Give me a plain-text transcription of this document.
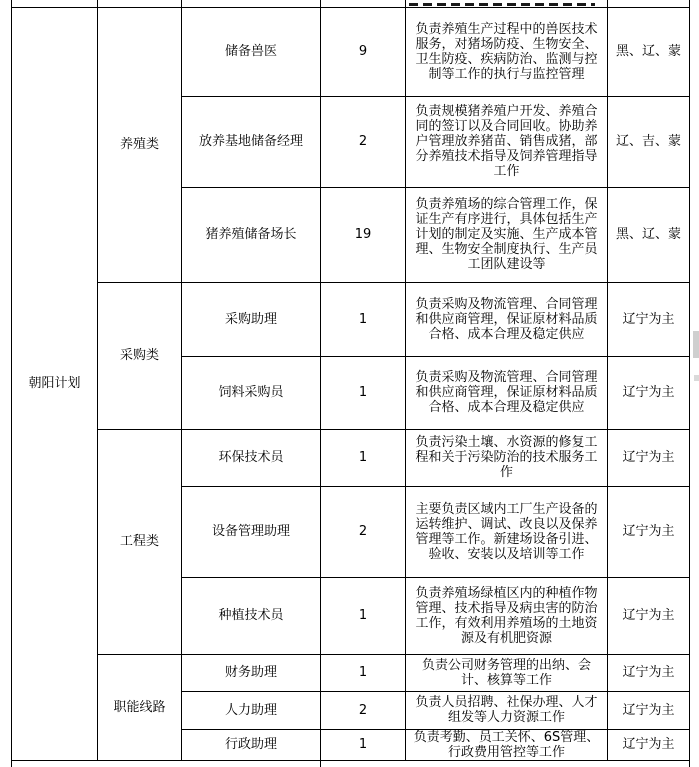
朝阳计划	养殖类	储备兽医	9	负责养殖生产过程中的兽医技术服务，对猪场防疫、生物安全、卫生防疫、疾病防治、监测与控制等工作的执行与监控管理	黑、辽、蒙
		放养基地储备经理	2	负责规模猪养殖户开发、养殖合同的签订以及合同回收。协助养户管理放养猪苗、销售成猪，部分养殖技术指导及饲养管理指导工作	辽、吉、蒙
		猪养殖储备场长	19	负责养殖场的综合管理工作，保证生产有序进行，具体包括生产计划的制定及实施、生产成本管理、生物安全制度执行、生产员工团队建设等	黑、辽、蒙
	采购类	采购助理	1	负责采购及物流管理、合同管理和供应商管理，保证原材料品质合格、成本合理及稳定供应	辽宁为主
		饲料采购员	1	负责采购及物流管理、合同管理和供应商管理，保证原材料品质合格、成本合理及稳定供应	辽宁为主
	工程类	环保技术员	1	负责污染土壤、水资源的修复工程和关于污染防治的技术服务工作	辽宁为主
		设备管理助理	2	主要负责区域内工厂生产设备的运转维护、调试、改良以及保养管理等工作。新建场设备引进、验收、安装以及培训等工作	辽宁为主
		种植技术员	1	负责养殖场绿植区内的种植作物管理、技术指导及病虫害的防治工作，有效利用养殖场的土地资源及有机肥资源	辽宁为主
	职能线路	财务助理	1	负责公司财务管理的出纳、会计、核算等工作	辽宁为主
		人力助理	2	负责人员招聘、社保办理、人才组发等人力资源工作	辽宁为主
		行政助理	1	负责考勤、员工关怀、6S管理、行政费用管控等工作	辽宁为主
